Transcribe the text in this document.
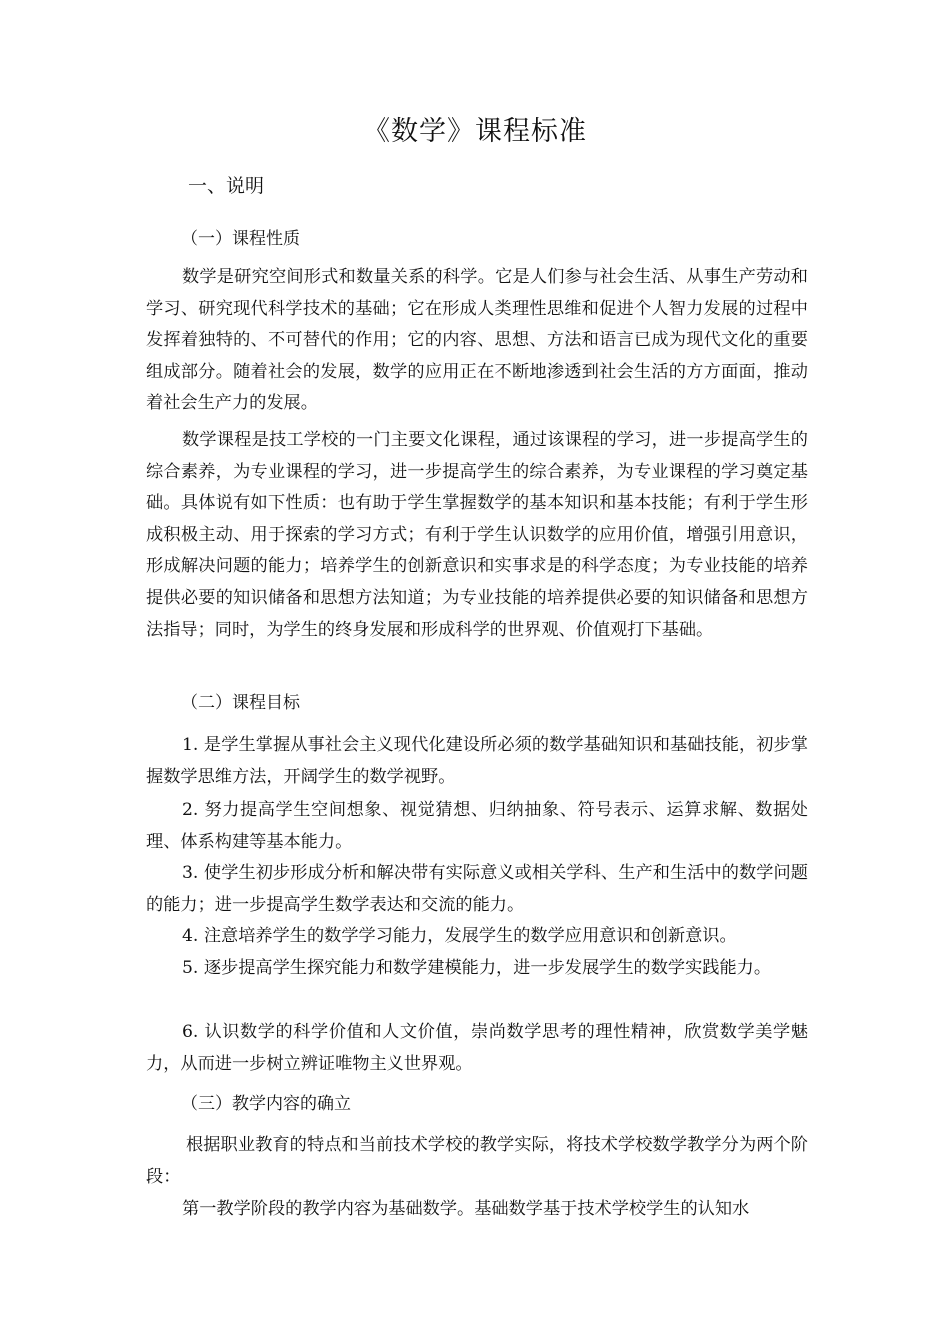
《数学》课程标准
一、说明
（一）课程性质

数学是研究空间形式和数量关系的科学。它是人们参与社会生活、从事生产劳动和学习、研究现代科学技术的基础；它在形成人类理性思维和促进个人智力发展的过程中发挥着独特的、不可替代的作用；它的内容、思想、方法和语言已成为现代文化的重要组成部分。随着社会的发展，数学的应用正在不断地渗透到社会生活的方方面面，推动着社会生产力的发展。

数学课程是技工学校的一门主要文化课程，通过该课程的学习，进一步提高学生的综合素养，为专业课程的学习，进一步提高学生的综合素养，为专业课程的学习奠定基础。具体说有如下性质：也有助于学生掌握数学的基本知识和基本技能；有利于学生形成积极主动、用于探索的学习方式；有利于学生认识数学的应用价值，增强引用意识，形成解决问题的能力；培养学生的创新意识和实事求是的科学态度；为专业技能的培养提供必要的知识储备和思想方法知道；为专业技能的培养提供必要的知识储备和思想方法指导；同时，为学生的终身发展和形成科学的世界观、价值观打下基础。

（二）课程目标

1. 是学生掌握从事社会主义现代化建设所必须的数学基础知识和基础技能，初步掌握数学思维方法，开阔学生的数学视野。

2. 努力提高学生空间想象、视觉猜想、归纳抽象、符号表示、运算求解、数据处理、体系构建等基本能力。

3. 使学生初步形成分析和解决带有实际意义或相关学科、生产和生活中的数学问题的能力；进一步提高学生数学表达和交流的能力。

4. 注意培养学生的数学学习能力，发展学生的数学应用意识和创新意识。

5. 逐步提高学生探究能力和数学建模能力，进一步发展学生的数学实践能力。

6. 认识数学的科学价值和人文价值，崇尚数学思考的理性精神，欣赏数学美学魅力，从而进一步树立辨证唯物主义世界观。

（三）教学内容的确立

根据职业教育的特点和当前技术学校的教学实际，将技术学校数学教学分为两个阶段：

第一教学阶段的教学内容为基础数学。基础数学基于技术学校学生的认知水
